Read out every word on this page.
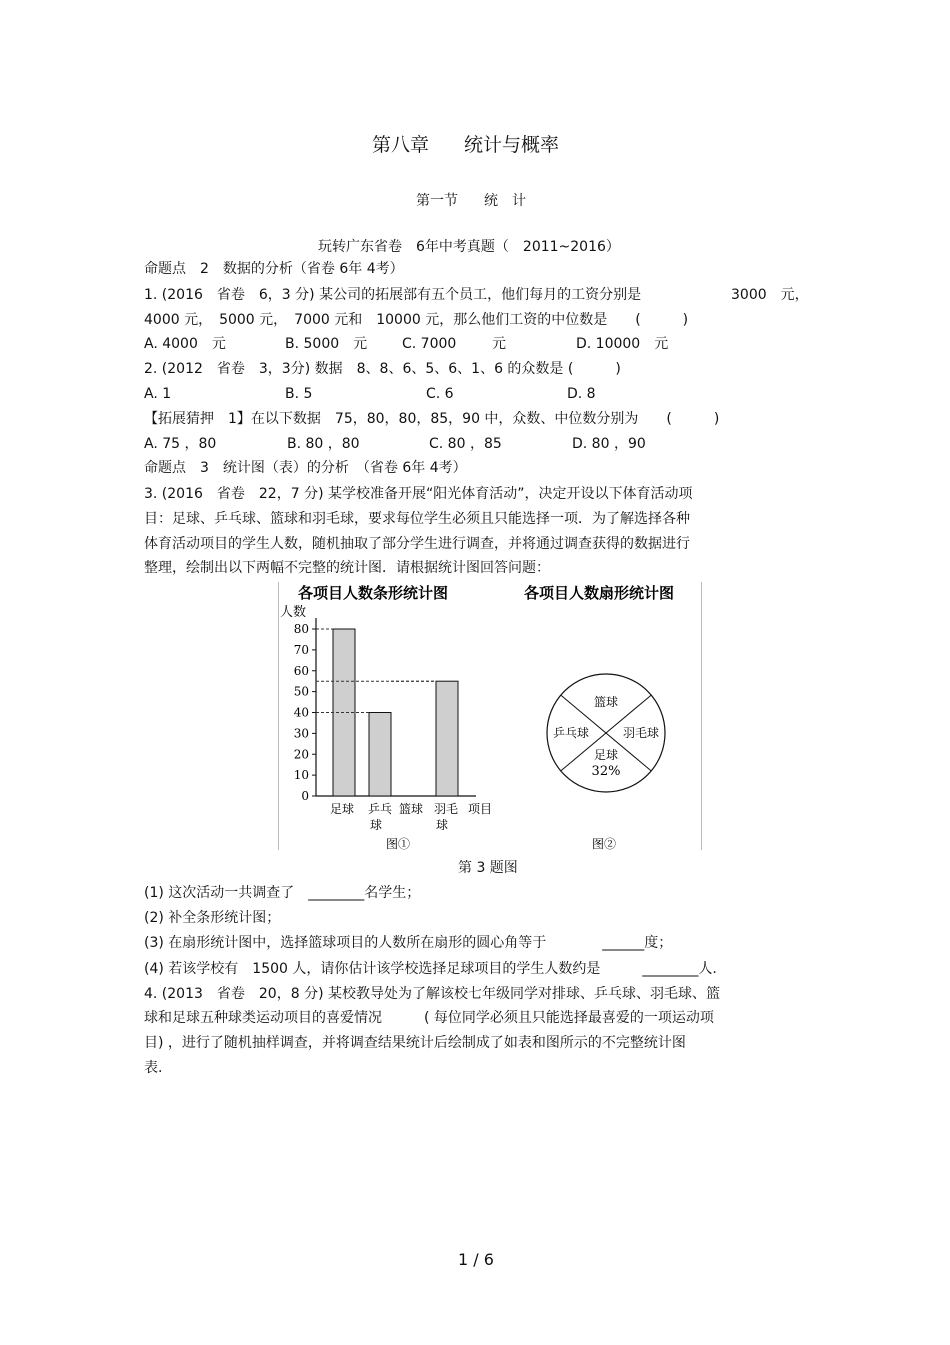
第八章 统计与概率
第一节 统　计
玩转广东省卷　6年中考真题（　2011~2016）
命题点　2　数据的分析（省卷 6年 4考）
1. (2016　省卷　6，3 分) 某公司的拓展部有五个员工，他们每月的工资分别是	3000　元，
4000 元，　5000 元，　7000 元和　10000 元，那么他们工资的中位数是　　(　　　)
A. 4000　元	B. 5000　元 C. 7000	元	D. 10000　元
2. (2012　省卷　3，3分) 数据　8、8、6、5、6、1、6 的众数是 (　　　)
A. 1	B. 5	C. 6	D. 8
【拓展猜押　1】在以下数据　75，80，80，85，90 中，众数、中位数分别为　　(　　　)
A. 75 ，80	B. 80 ，80	C. 80 ，85	D. 80 ，90
命题点　3　统计图（表）的分析　（省卷 6年 4考）
3. (2016　省卷　22，7 分) 某学校准备开展“阳光体育活动”，决定开设以下体育活动项
目：足球、乒乓球、篮球和羽毛球，要求每位学生必须且只能选择一项．为了解选择各种
体育活动项目的学生人数，随机抽取了部分学生进行调查，并将通过调查获得的数据进行
整理，绘制出以下两幅不完整的统计图．请根据统计图回答问题：
各项目人数条形统计图
人 数
0
10
20
30
40
50
60
70
80
足球 乒乓
球
篮球 羽毛
球
项目
图①
各项目人数扇形统计图
篮球
羽毛球
足球
乒乓球
32%
图②
第 3 题图
(1) 这次活动一共调查了　________名学生；
(2) 补全条形统计图；
(3) 在扇形统计图中，选择篮球项目的人数所在扇形的圆心角等于　　　　______度；
(4) 若该学校有　1500 人，请你估计该学校选择足球项目的学生人数约是　　　________人.
4. (2013　省卷　20，8 分) 某校教导处为了解该校七年级同学对排球、乒乓球、羽毛球、篮
球和足球五种球类运动项目的喜爱情况　　　( 每位同学必须且只能选择最喜爱的一项运动项
目) ，进行了随机抽样调查，并将调查结果统计后绘制成了如表和图所示的不完整统计图
表.
1 / 6
